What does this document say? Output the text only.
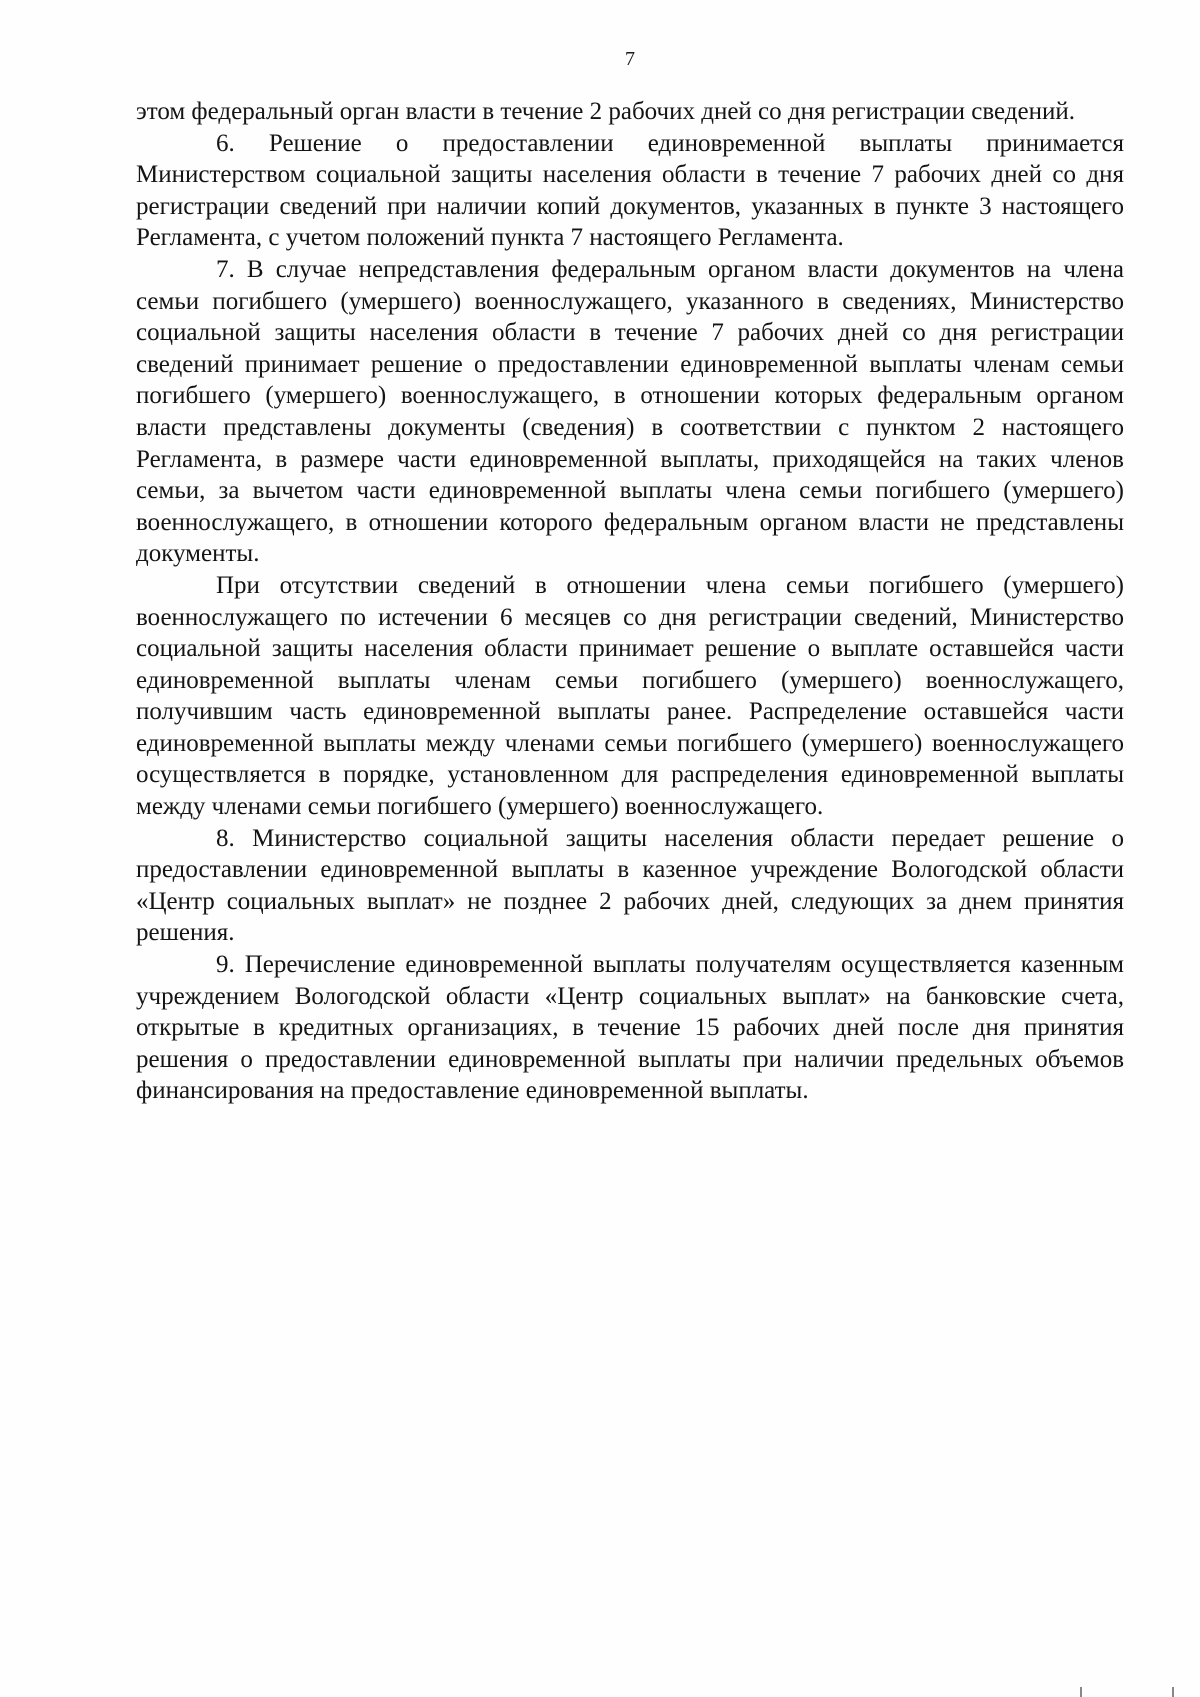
7

этом федеральный орган власти в течение 2 рабочих дней со дня регистрации сведений.

6. Решение о предоставлении единовременной выплаты принимается Министерством социальной защиты населения области в течение 7 рабочих дней со дня регистрации сведений при наличии копий документов, указанных в пункте 3 настоящего Регламента, с учетом положений пункта 7 настоящего Регламента.

7. В случае непредставления федеральным органом власти документов на члена семьи погибшего (умершего) военнослужащего, указанного в сведениях, Министерство социальной защиты населения области в течение 7 рабочих дней со дня регистрации сведений принимает решение о предоставлении единовременной выплаты членам семьи погибшего (умершего) военнослужащего, в отношении которых федеральным органом власти представлены документы (сведения) в соответствии с пунктом 2 настоящего Регламента, в размере части единовременной выплаты, приходящейся на таких членов семьи, за вычетом части единовременной выплаты члена семьи погибшего (умершего) военнослужащего, в отношении которого федеральным органом власти не представлены документы.

При отсутствии сведений в отношении члена семьи погибшего (умершего) военнослужащего по истечении 6 месяцев со дня регистрации сведений, Министерство социальной защиты населения области принимает решение о выплате оставшейся части единовременной выплаты членам семьи погибшего (умершего) военнослужащего, получившим часть единовременной выплаты ранее. Распределение оставшейся части единовременной выплаты между членами семьи погибшего (умершего) военнослужащего осуществляется в порядке, установленном для распределения единовременной выплаты между членами семьи погибшего (умершего) военнослужащего.

8. Министерство социальной защиты населения области передает решение о предоставлении единовременной выплаты в казенное учреждение Вологодской области «Центр социальных выплат» не позднее 2 рабочих дней, следующих за днем принятия решения.

9. Перечисление единовременной выплаты получателям осуществляется казенным учреждением Вологодской области «Центр социальных выплат» на банковские счета, открытые в кредитных организациях, в течение 15 рабочих дней после дня принятия решения о предоставлении единовременной выплаты при наличии предельных объемов финансирования на предоставление единовременной выплаты.
